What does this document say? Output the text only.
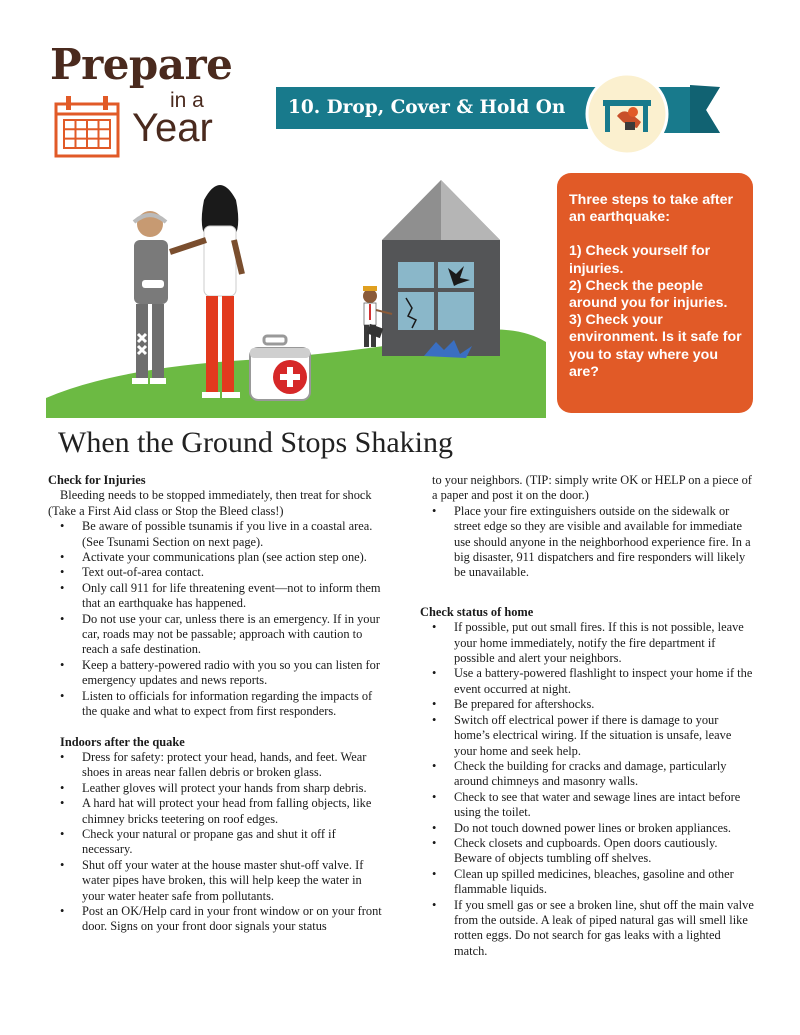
Prepare
in a
Year	10. Drop, Cover & Hold On

Three steps to take after an earthquake:

1) Check yourself for injuries.

2) Check the people around you for injuries.

3) Check your environment. Is it safe for you to stay where you are?

When the Ground Stops Shaking
Check for Injuries

Bleeding needs to be stopped immediately, then treat for shock (Take a First Aid class or Stop the Bleed class!)

• Be aware of possible tsunamis if you live in a coastal area. (See Tsunami Section on next page).
• Activate your communications plan (see action step one).
• Text out-of-area contact.
• Only call 911 for life threatening event—not to inform them that an earthquake has happened.
• Do not use your car, unless there is an emergency. If in your car, roads may not be passable; approach with caution to reach a safe destination.
• Keep a battery-powered radio with you so you can listen for emergency updates and news reports.
• Listen to officials for information regarding the impacts of the quake and what to expect from first responders.
Indoors after the quake
• Dress for safety: protect your head, hands, and feet. Wear shoes in areas near fallen debris or broken glass.
• Leather gloves will protect your hands from sharp debris.
• A hard hat will protect your head from falling objects, like chimney bricks teetering on roof edges.
• Check your natural or propane gas and shut it off if necessary.
• Shut off your water at the house master shut-off valve. If water pipes have broken, this will help keep the water in your water heater safe from pollutants.
• Post an OK/Help card in your front window or on your front door. Signs on your front door signals your status

to your neighbors. (TIP: simply write OK or HELP on a piece of a paper and post it on the door.)

• Place your fire extinguishers outside on the sidewalk or street edge so they are visible and available for immediate use should anyone in the neighborhood experience fire. In a big disaster, 911 dispatchers and fire responders will likely be unavailable.
Check status of home
• If possible, put out small fires. If this is not possible, leave your home immediately, notify the fire department if possible and alert your neighbors.
• Use a battery-powered flashlight to inspect your home if the event occurred at night.
• Be prepared for aftershocks.
• Switch off electrical power if there is damage to your home’s electrical wiring. If the situation is unsafe, leave your home and seek help.
• Check the building for cracks and damage, particularly around chimneys and masonry walls.
• Check to see that water and sewage lines are intact before using the toilet.
• Do not touch downed power lines or broken appliances.
• Check closets and cupboards. Open doors cautiously. Beware of objects tumbling off shelves.
• Clean up spilled medicines, bleaches, gasoline and other flammable liquids.
• If you smell gas or see a broken line, shut off the main valve from the outside. A leak of piped natural gas will smell like rotten eggs. Do not search for gas leaks with a lighted match.
